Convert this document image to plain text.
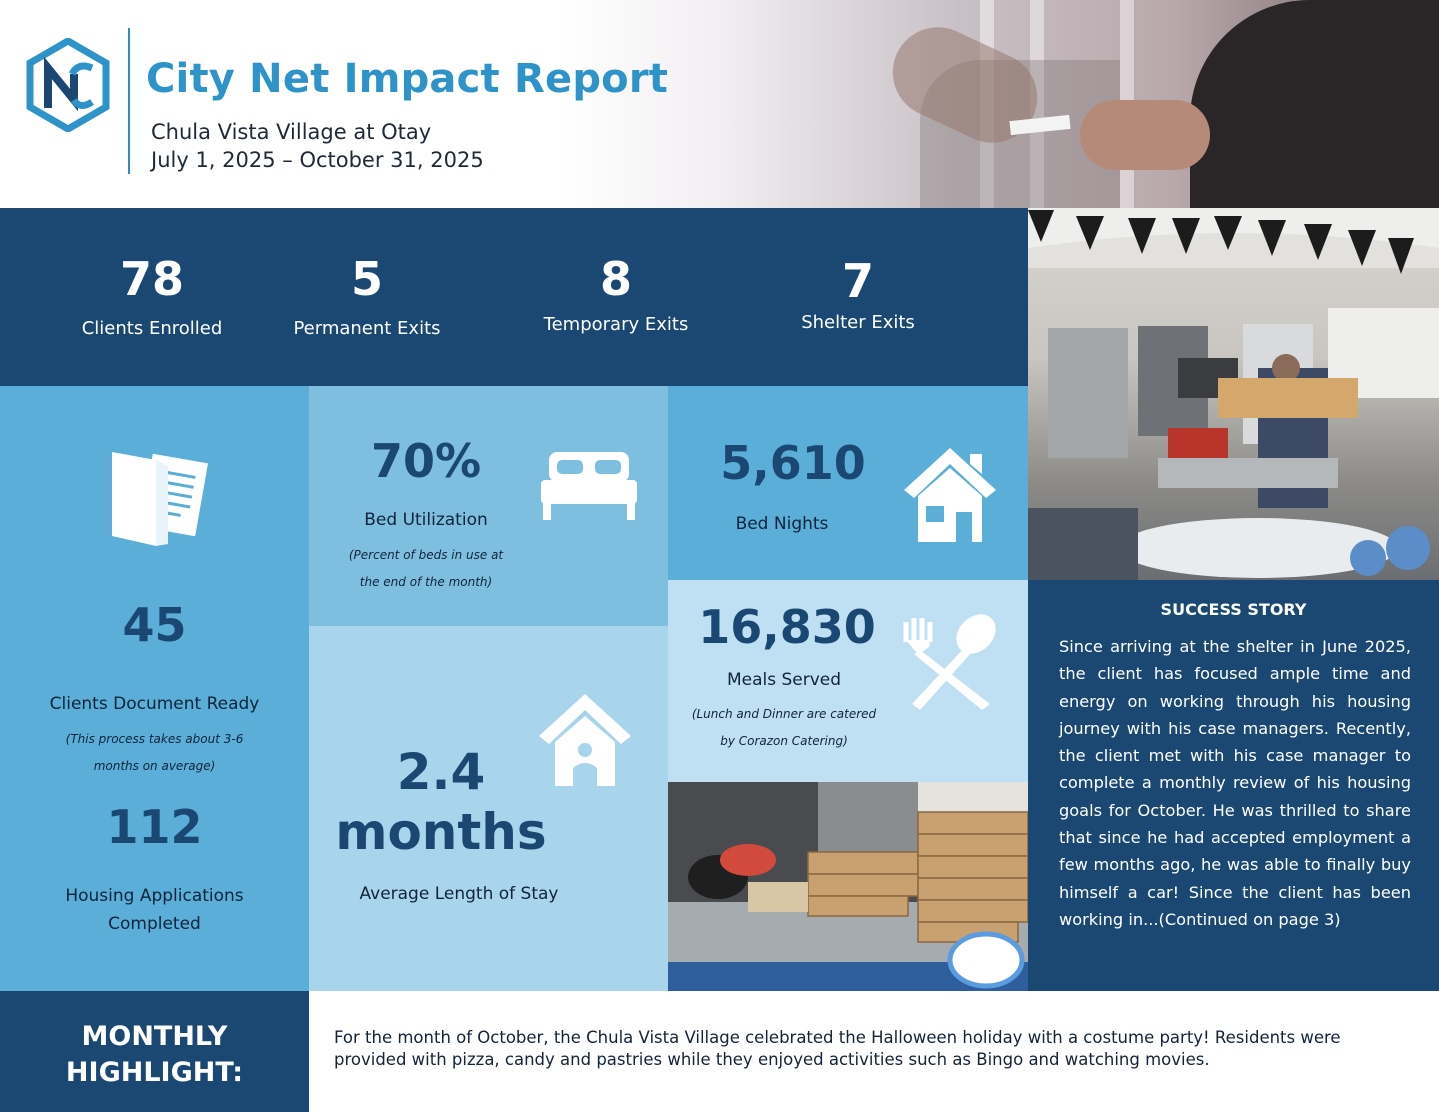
City Net Impact Report
Chula Vista Village at Otay
July 1, 2025 – October 31, 2025
78
Clients Enrolled
5
Permanent Exits
8
Temporary Exits
7
Shelter Exits
45
Clients Document Ready
(This process takes about 3-6
months on average)
112
Housing Applications
Completed
70%
Bed Utilization
(Percent of beds in use at
the end of the month)
2.4
months
Average Length of Stay
5,610
Bed Nights
16,830
Meals Served
(Lunch and Dinner are catered
by Corazon Catering)
SUCCESS STORY
Since arriving at the shelter in June 2025, the client has focused ample time and energy on working through his housing journey with his case managers. Recently, the client met with his case manager to complete a monthly review of his housing goals for October. He was thrilled to share that since he had accepted employment a few months ago, he was able to finally buy himself a car! Since the client has been working in...(Continued on page 3)
MONTHLY
HIGHLIGHT:
For the month of October, the Chula Vista Village celebrated the Halloween holiday with a costume party! Residents were provided with pizza, candy and pastries while they enjoyed activities such as Bingo and watching movies.
